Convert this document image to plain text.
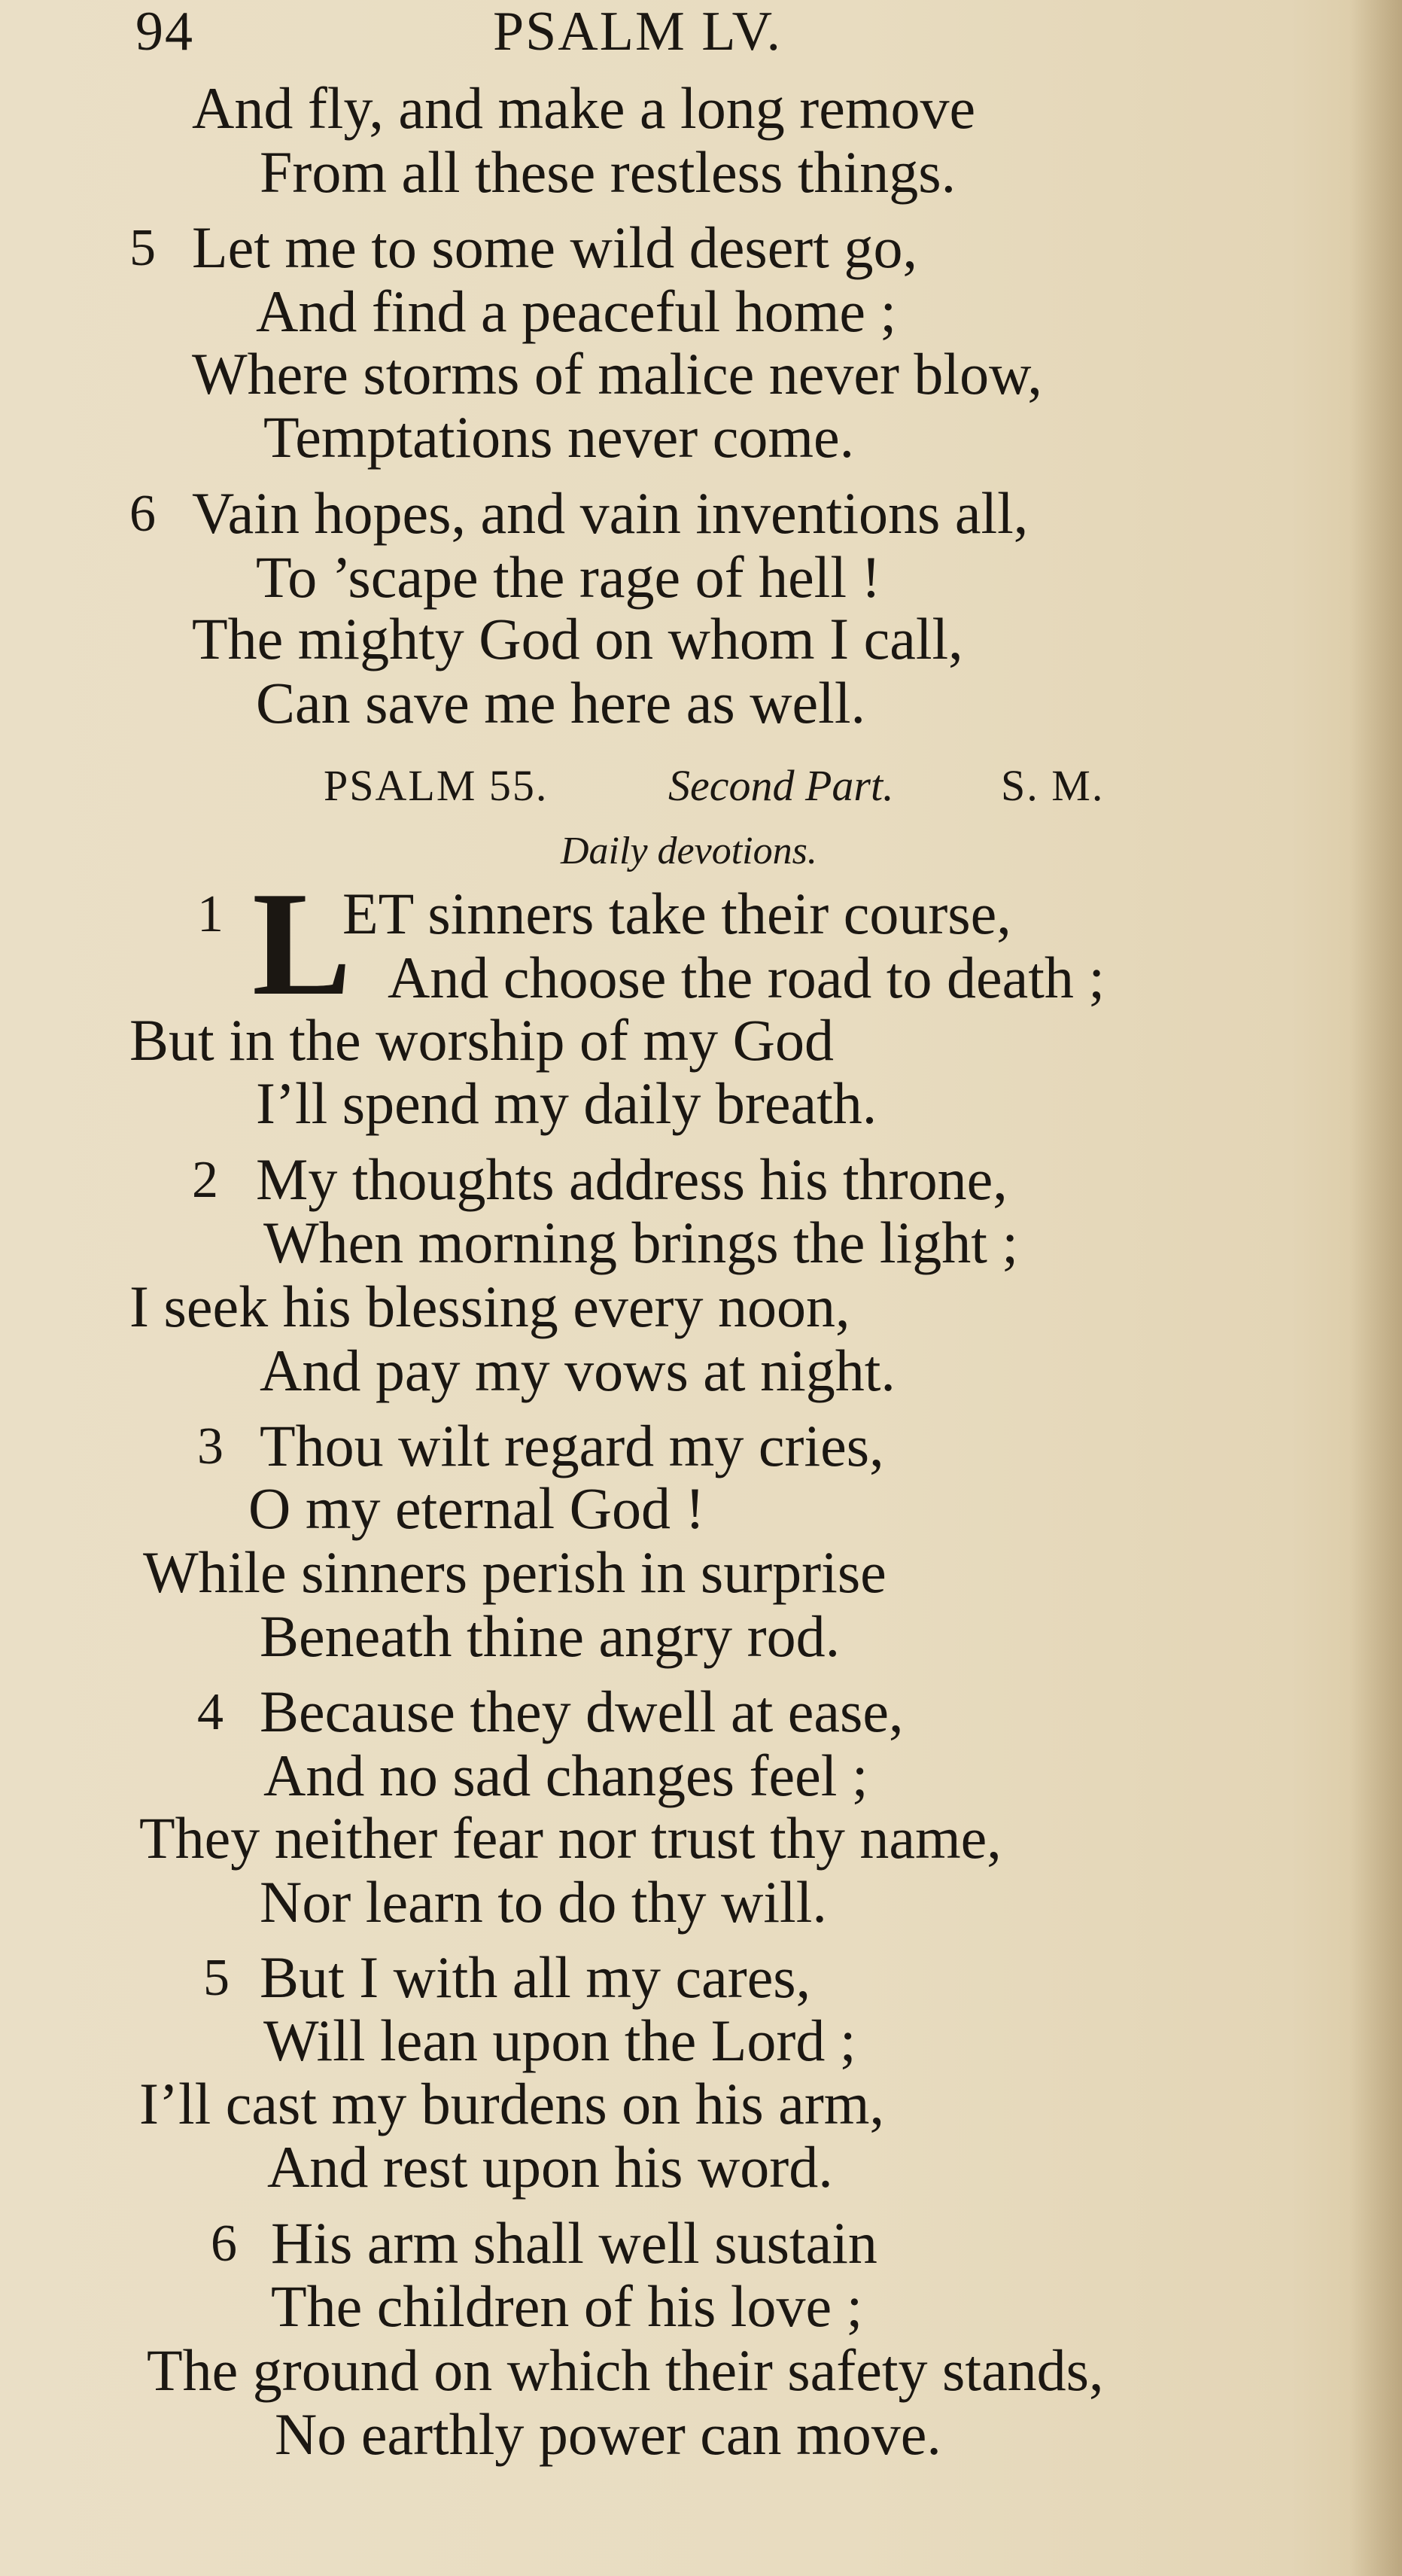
94	PSALM LV.
And fly, and make a long remove
From all these restless things.
5 Let me to some wild desert go,
And find a peaceful home ;
Where storms of malice never blow,
Temptations never come.
6 Vain hopes, and vain inventions all,
To ’scape the rage of hell !
The mighty God on whom I call,
Can save me here as well.
PSALM 55.	Second Part. S. M.
Daily devotions.
1 L
ET sinners take their course,
And choose the road to death ;
But in the worship of my God
I’ll spend my daily breath.
2 My thoughts address his throne,
When morning brings the light ;
I seek his blessing every noon,
And pay my vows at night.
3 Thou wilt regard my cries,
O my eternal God !
While sinners perish in surprise
Beneath thine angry rod.
4 Because they dwell at ease,
And no sad changes feel ;
They neither fear nor trust thy name,
Nor learn to do thy will.
5 But I with all my cares,
Will lean upon the Lord ;
I’ll cast my burdens on his arm,
And rest upon his word.
6 His arm shall well sustain
The children of his love ;
The ground on which their safety stands,
No earthly power can move.
